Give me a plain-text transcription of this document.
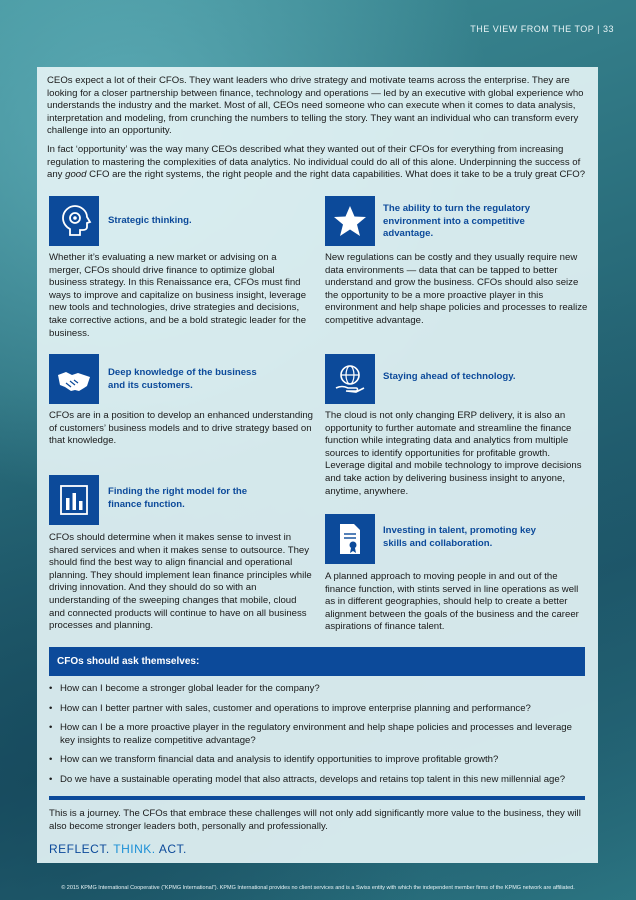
THE VIEW FROM THE TOP | 33

CEOs expect a lot of their CFOs. They want leaders who drive strategy and motivate teams across the enterprise. They are looking for a closer partnership between finance, technology and operations — led by an executive with global experience who understands the industry and the market. Most of all, CEOs need someone who can execute when it comes to data analysis, interpretation and modeling, from crunching the numbers to telling the story. They want an individual who can transform every challenge into an opportunity.

In fact ‘opportunity’ was the way many CEOs described what they wanted out of their CFOs for everything from increasing regulation to mastering the complexities of data analytics. No individual could do all of this alone. Underpinning the success of any good CFO are the right systems, the right people and the right data capabilities. What does it take to be a truly great CFO?

Strategic thinking.
Whether it’s evaluating a new market or advising on a merger, CFOs should drive finance to optimize global business strategy. In this Renaissance era, CFOs must find ways to improve and capitalize on business insight, leverage new tools and technologies, drive strategies and decisions, take corrective actions, and be a bold strategic leader for the business.
The ability to turn the regulatory environment into a competitive advantage.
New regulations can be costly and they usually require new data environments — data that can be tapped to better understand and grow the business. CFOs should also seize the opportunity to be a more proactive player in this environment and help shape policies and processes to realize competitive advantage.
Deep knowledge of the business and its customers.
CFOs are in a position to develop an enhanced understanding of customers’ business models and to drive strategy based on that knowledge.
Staying ahead of technology.
The cloud is not only changing ERP delivery, it is also an opportunity to further automate and streamline the finance function while integrating data and analytics from multiple sources to identify opportunities for profitable growth. Leverage digital and mobile technology to improve decisions and take action by delivering business insight to anyone, anytime, anywhere.
Finding the right model for the finance function.
CFOs should determine when it makes sense to invest in shared services and when it makes sense to outsource. They should find the best way to align financial and operational planning. They should implement lean finance principles while driving innovation. And they should do so with an understanding of the sweeping changes that mobile, cloud and connected products will continue to have on all business processes and planning.
Investing in talent, promoting key skills and collaboration.
A planned approach to moving people in and out of the finance function, with stints served in line operations as well as in different geographies, should help to create a better alignment between the goals of the business and the career aspirations of finance talent.
CFOs should ask themselves:
• How can I become a stronger global leader for the company?
• How can I better partner with sales, customer and operations to improve enterprise planning and performance?
• How can I be a more proactive player in the regulatory environment and help shape policies and processes and leverage key insights to realize competitive advantage?
• How can we transform financial data and analysis to identify opportunities to improve profitable growth?
• Do we have a sustainable operating model that also attracts, develops and retains top talent in this new millennial age?
This is a journey. The CFOs that embrace these challenges will not only add significantly more value to the business, they will also become stronger leaders both, personally and professionally.
REFLECT. THINK. ACT.
© 2015 KPMG International Cooperative (“KPMG International”). KPMG International provides no client services and is a Swiss entity with which the independent member firms of the KPMG network are affiliated.
